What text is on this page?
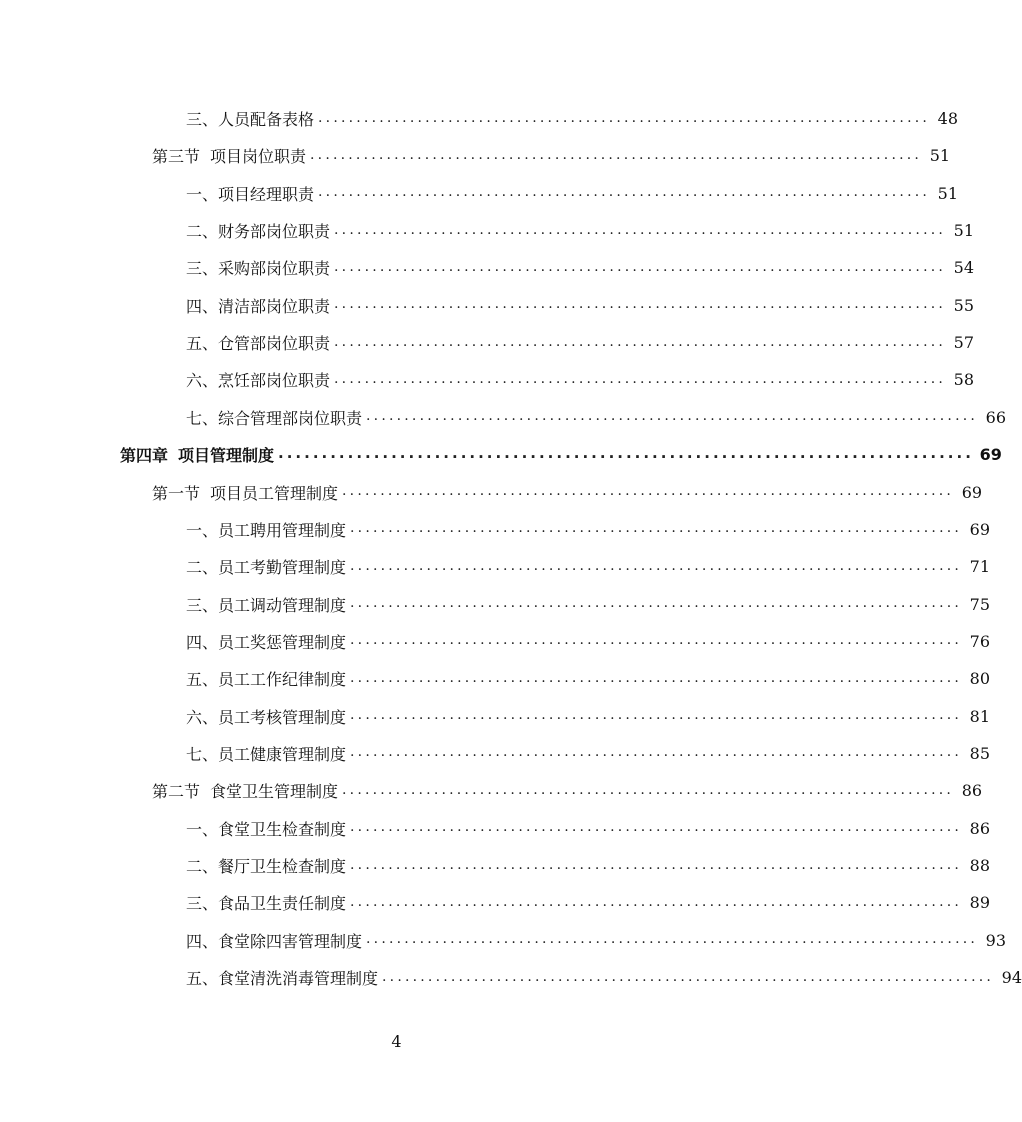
三、人员配备表格 ................................................................................ 48
第三节 项目岗位职责 ................................................................................ 51
一、项目经理职责 ................................................................................ 51
二、财务部岗位职责 ................................................................................ 51
三、采购部岗位职责 ................................................................................ 54
四、清洁部岗位职责 ................................................................................ 55
五、仓管部岗位职责 ................................................................................ 57
六、烹饪部岗位职责 ................................................................................ 58
七、综合管理部岗位职责 ................................................................................ 66
第四章 项目管理制度 ................................................................................ 69
第一节 项目员工管理制度 ................................................................................ 69
一、员工聘用管理制度 ................................................................................ 69
二、员工考勤管理制度 ................................................................................ 71
三、员工调动管理制度 ................................................................................ 75
四、员工奖惩管理制度 ................................................................................ 76
五、员工工作纪律制度 ................................................................................ 80
六、员工考核管理制度 ................................................................................ 81
七、员工健康管理制度 ................................................................................ 85
第二节 食堂卫生管理制度 ................................................................................ 86
一、食堂卫生检查制度 ................................................................................ 86
二、餐厅卫生检查制度 ................................................................................ 88
三、食品卫生责任制度 ................................................................................ 89
四、食堂除四害管理制度 ................................................................................ 93
五、食堂清洗消毒管理制度 ................................................................................ 94
4
